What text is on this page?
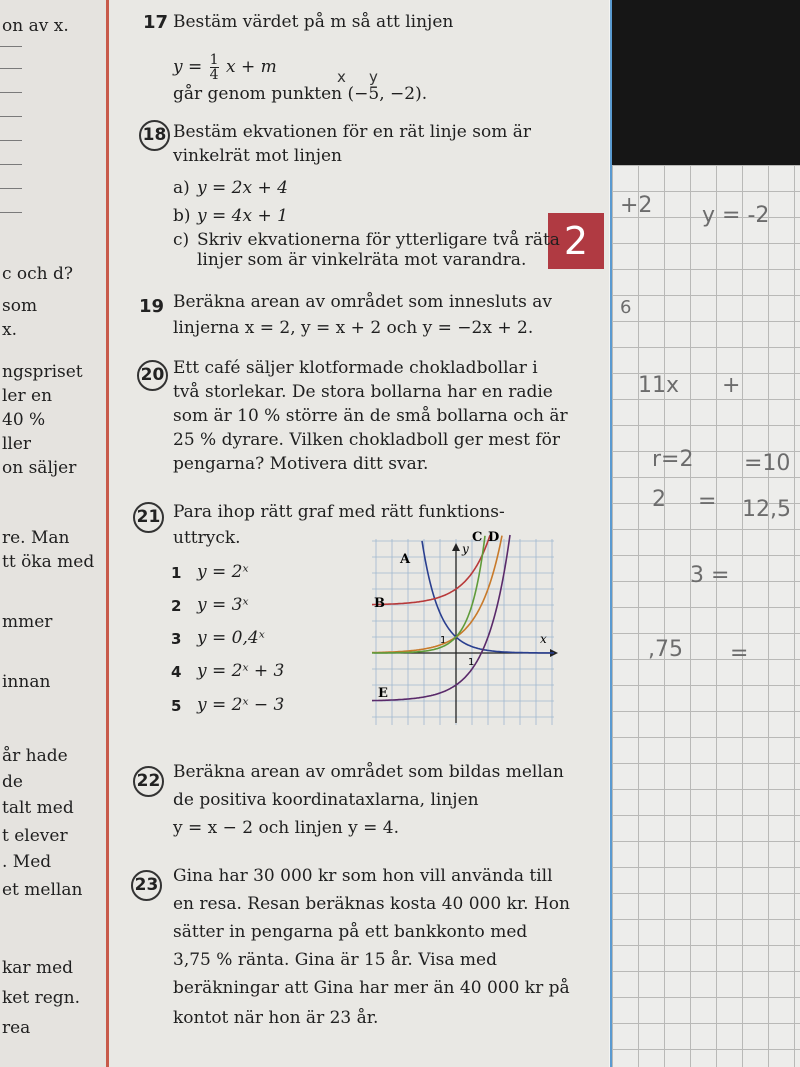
on av x.
c och d?
som
x.
ngspriset
ler en
40 %
ller
on säljer
re. Man
tt öka med
mmer
innan
år hade
de
talt med
t elever
. Med
et mellan
kar med
ket regn.
rea
+2 y = -2
6
11x +
r=2 =10
2 = 12,5
3 =
,75 =
2
17 Bestäm värdet på m så att linjen
$y = \frac{1}{4}$ x + m	x y
går genom punkten (−5, −2).
18 Bestäm ekvationen för en rät linje som är
vinkelrät mot linjen
a) y = 2x + 4
b) y = 4x + 1
c) Skriv ekvationerna för ytterligare två räta
linjer som är vinkelräta mot varandra.
19 Beräkna arean av området som innesluts av
linjerna x = 2, y = x + 2 och y = −2x + 2.
20 Ett café säljer klotformade chokladbollar i
två storlekar. De stora bollarna har en radie
som är 10 % större än de små bollarna och är
25 % dyrare. Vilken chokladboll ger mest för
pengarna? Motivera ditt svar.
21 Para ihop rätt graf med rätt funktions-
uttryck.
1 y = 2ˣ
2 y = 3ˣ
3 y = 0,4ˣ
4 y = 2ˣ + 3
5 y = 2ˣ − 3
22 Beräkna arean av området som bildas mellan
de positiva koordinataxlarna, linjen
y = x − 2 och linjen y = 4.
23 Gina har 30 000 kr som hon vill använda till
en resa. Resan beräknas kosta 40 000 kr. Hon
sätter in pengarna på ett bankkonto med
3,75 % ränta. Gina är 15 år. Visa med
beräkningar att Gina har mer än 40 000 kr på
kontot när hon är 23 år.
x
y
1
1
A
B
C D
E
